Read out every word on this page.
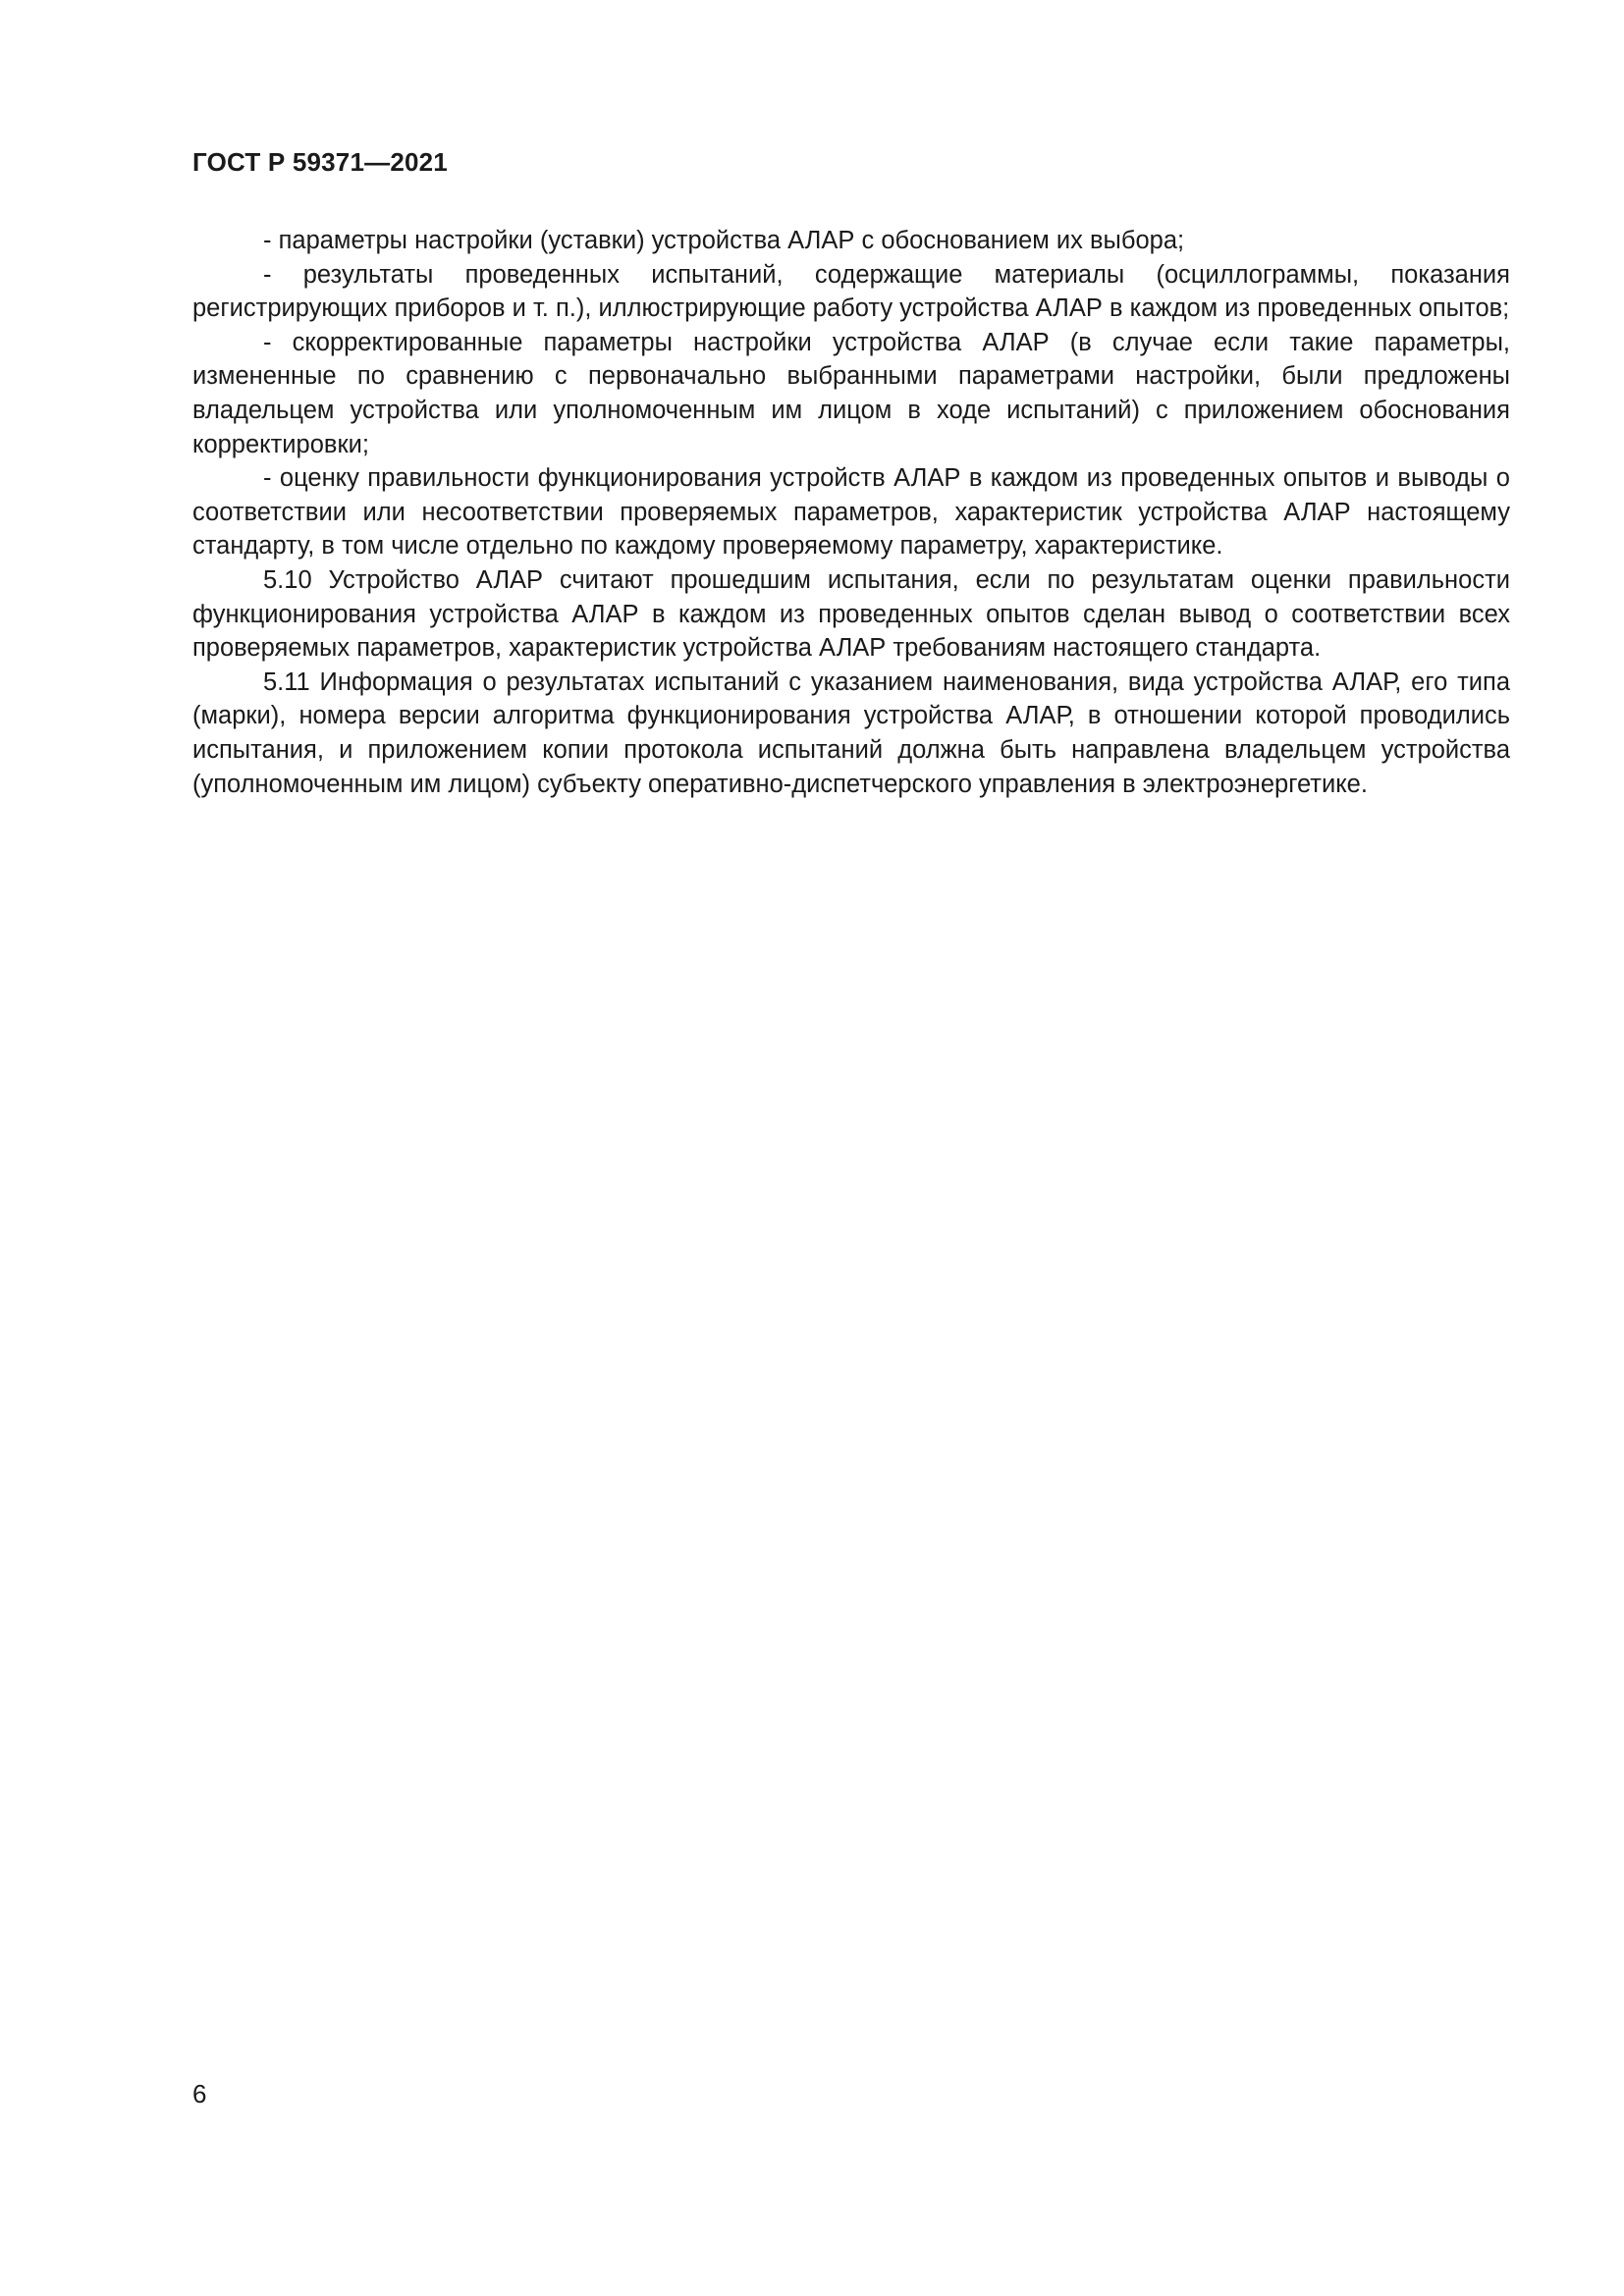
ГОСТ Р 59371—2021

- параметры настройки (уставки) устройства АЛАР с обоснованием их выбора;

- результаты проведенных испытаний, содержащие материалы (осциллограммы, показания регистрирующих приборов и т. п.), иллюстрирующие работу устройства АЛАР в каждом из проведенных опытов;

- скорректированные параметры настройки устройства АЛАР (в случае если такие параметры, измененные по сравнению с первоначально выбранными параметрами настройки, были предложены владельцем устройства или уполномоченным им лицом в ходе испытаний) с приложением обоснования корректировки;

- оценку правильности функционирования устройств АЛАР в каждом из проведенных опытов и выводы о соответствии или несоответствии проверяемых параметров, характеристик устройства АЛАР настоящему стандарту, в том числе отдельно по каждому проверяемому параметру, характеристике.

5.10 Устройство АЛАР считают прошедшим испытания, если по результатам оценки правильности функционирования устройства АЛАР в каждом из проведенных опытов сделан вывод о соответствии всех проверяемых параметров, характеристик устройства АЛАР требованиям настоящего стандарта.

5.11 Информация о результатах испытаний с указанием наименования, вида устройства АЛАР, его типа (марки), номера версии алгоритма функционирования устройства АЛАР, в отношении которой проводились испытания, и приложением копии протокола испытаний должна быть направлена владельцем устройства (уполномоченным им лицом) субъекту оперативно-диспетчерского управления в электроэнергетике.

6
